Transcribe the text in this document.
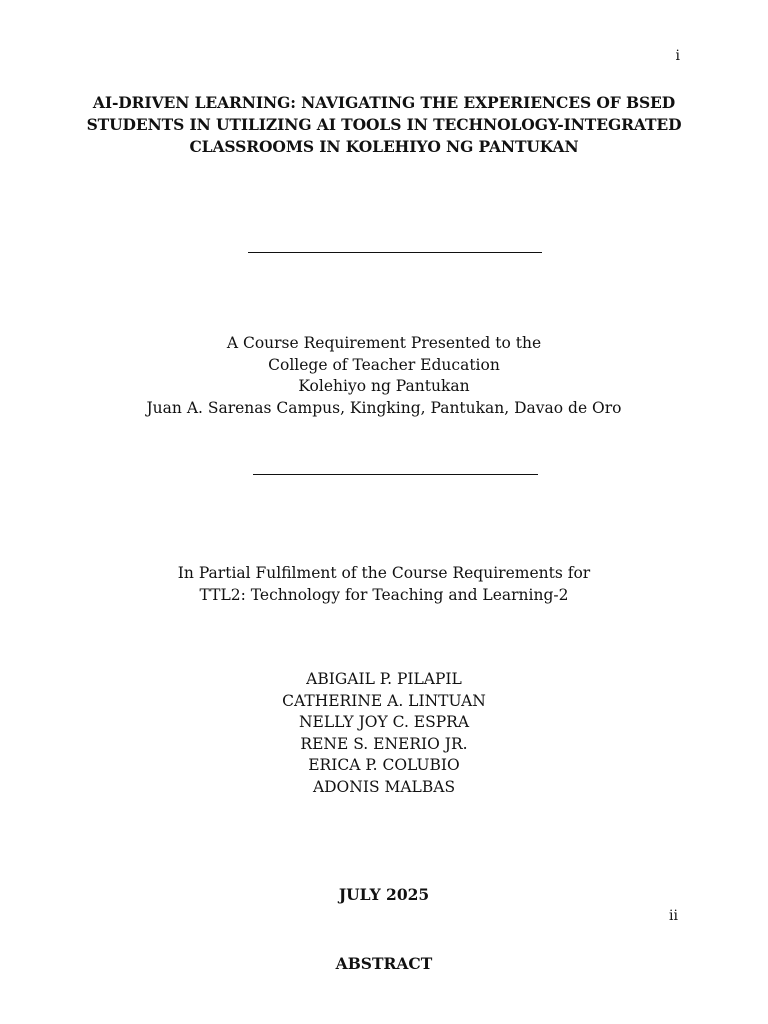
i
AI-DRIVEN LEARNING: NAVIGATING THE EXPERIENCES OF BSED
STUDENTS IN UTILIZING AI TOOLS IN TECHNOLOGY-INTEGRATED
CLASSROOMS IN KOLEHIYO NG PANTUKAN
A Course Requirement Presented to the
College of Teacher Education
Kolehiyo ng Pantukan
Juan A. Sarenas Campus, Kingking, Pantukan, Davao de Oro
In Partial Fulfilment of the Course Requirements for
TTL2: Technology for Teaching and Learning-2
ABIGAIL P. PILAPIL
CATHERINE A. LINTUAN
NELLY JOY C. ESPRA
RENE S. ENERIO JR.
ERICA P. COLUBIO
ADONIS MALBAS
JULY 2025
ii
ABSTRACT
